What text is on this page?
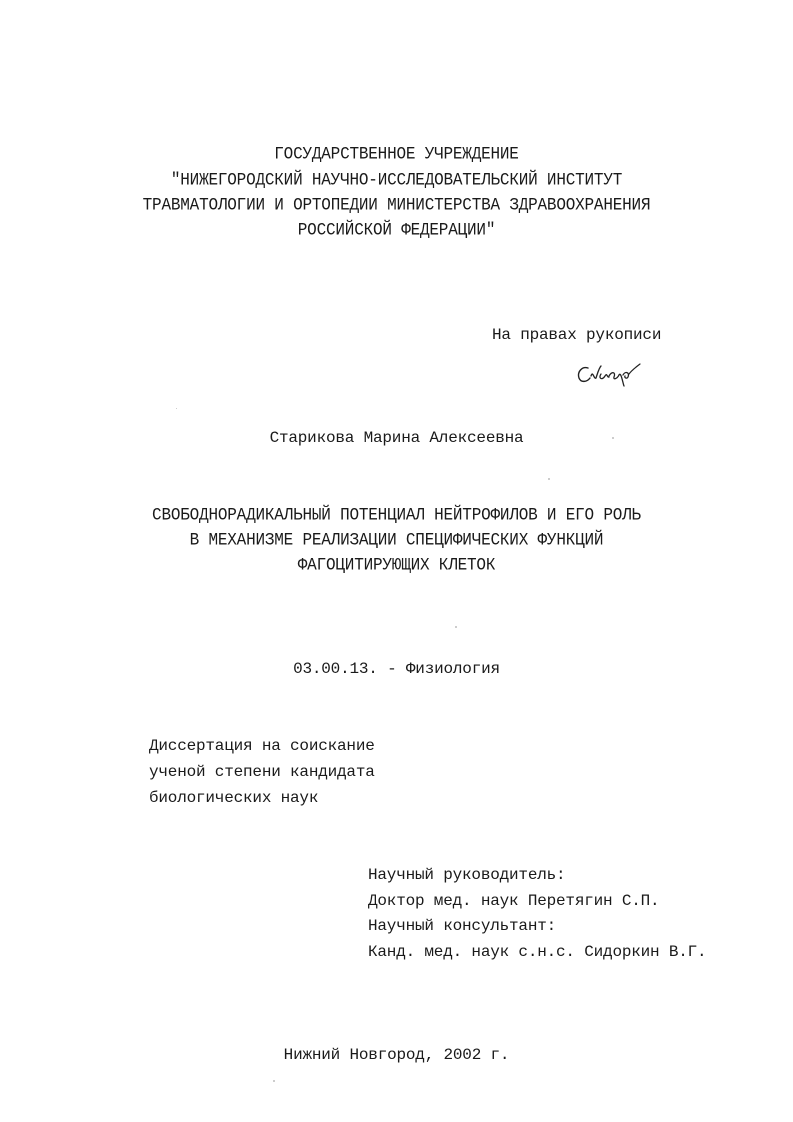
ГОСУДАРСТВЕННОЕ УЧРЕЖДЕНИЕ
"НИЖЕГОРОДСКИЙ НАУЧНО-ИССЛЕДОВАТЕЛЬСКИЙ ИНСТИТУТ
ТРАВМАТОЛОГИИ И ОРТОПЕДИИ МИНИСТЕРСТВА ЗДРАВООХРАНЕНИЯ
РОССИЙСКОЙ ФЕДЕРАЦИИ"
На правах рукописи
Старикова Марина Алексеевна
СВОБОДНОРАДИКАЛЬНЫЙ ПОТЕНЦИАЛ НЕЙТРОФИЛОВ И ЕГО РОЛЬ
В МЕХАНИЗМЕ РЕАЛИЗАЦИИ СПЕЦИФИЧЕСКИХ ФУНКЦИЙ
ФАГОЦИТИРУЮЩИХ КЛЕТОК
03.00.13. - Физиология
Диссертация на соискание
ученой степени кандидата
биологических наук
Научный руководитель:
Доктор мед. наук Перетягин С.П.
Научный консультант:
Канд. мед. наук с.н.с. Сидоркин В.Г.
Нижний Новгород, 2002 г.
